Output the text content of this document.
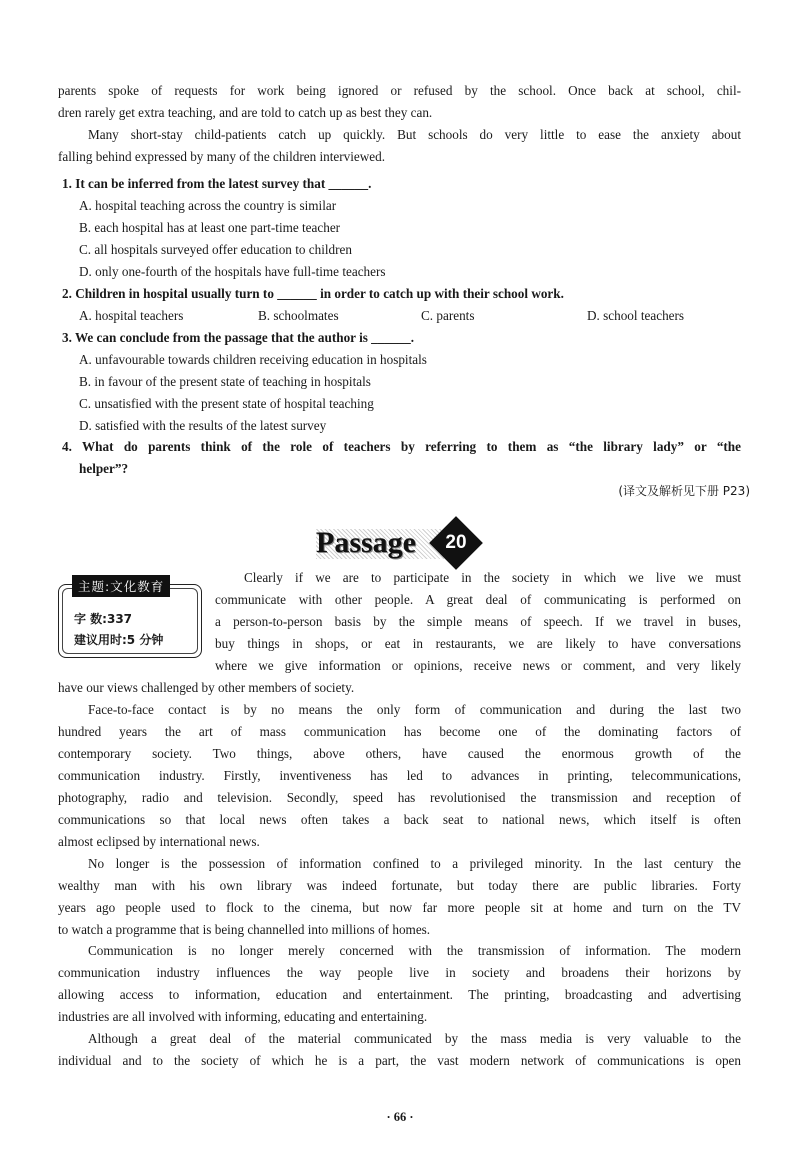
parents spoke of requests for work being ignored or refused by the school. Once back at school, chil-
dren rarely get extra teaching, and are told to catch up as best they can.
Many short-stay child-patients catch up quickly. But schools do very little to ease the anxiety about
falling behind expressed by many of the children interviewed.
1. It can be inferred from the latest survey that ______.
A. hospital teaching across the country is similar
B. each hospital has at least one part-time teacher
C. all hospitals surveyed offer education to children
D. only one-fourth of the hospitals have full-time teachers
2. Children in hospital usually turn to ______ in order to catch up with their school work.
A. hospital teachers	B. schoolmates	C. parents	D. school teachers
3. We can conclude from the passage that the author is ______.
A. unfavourable towards children receiving education in hospitals
B. in favour of the present state of teaching in hospitals
C. unsatisfied with the present state of hospital teaching
D. satisfied with the results of the latest survey
4. What do parents think of the role of teachers by referring to them as “the library lady” or “the
helper”?
(译文及解析见下册 P23)
Passage	20
主题:文化教育
字 数:337
建议用时:5 分钟
Clearly if we are to participate in the society in which we live we must
communicate with other people. A great deal of communicating is performed on
a person-to-person basis by the simple means of speech. If we travel in buses,
buy things in shops, or eat in restaurants, we are likely to have conversations
where we give information or opinions, receive news or comment, and very likely
have our views challenged by other members of society.
Face-to-face contact is by no means the only form of communication and during the last two
hundred years the art of mass communication has become one of the dominating factors of
contemporary society. Two things, above others, have caused the enormous growth of the
communication industry. Firstly, inventiveness has led to advances in printing, telecommunications,
photography, radio and television. Secondly, speed has revolutionised the transmission and reception of
communications so that local news often takes a back seat to national news, which itself is often
almost eclipsed by international news.
No longer is the possession of information confined to a privileged minority. In the last century the
wealthy man with his own library was indeed fortunate, but today there are public libraries. Forty
years ago people used to flock to the cinema, but now far more people sit at home and turn on the TV
to watch a programme that is being channelled into millions of homes.
Communication is no longer merely concerned with the transmission of information. The modern
communication industry influences the way people live in society and broadens their horizons by
allowing access to information, education and entertainment. The printing, broadcasting and advertising
industries are all involved with informing, educating and entertaining.
Although a great deal of the material communicated by the mass media is very valuable to the
individual and to the society of which he is a part, the vast modern network of communications is open
· 66 ·
